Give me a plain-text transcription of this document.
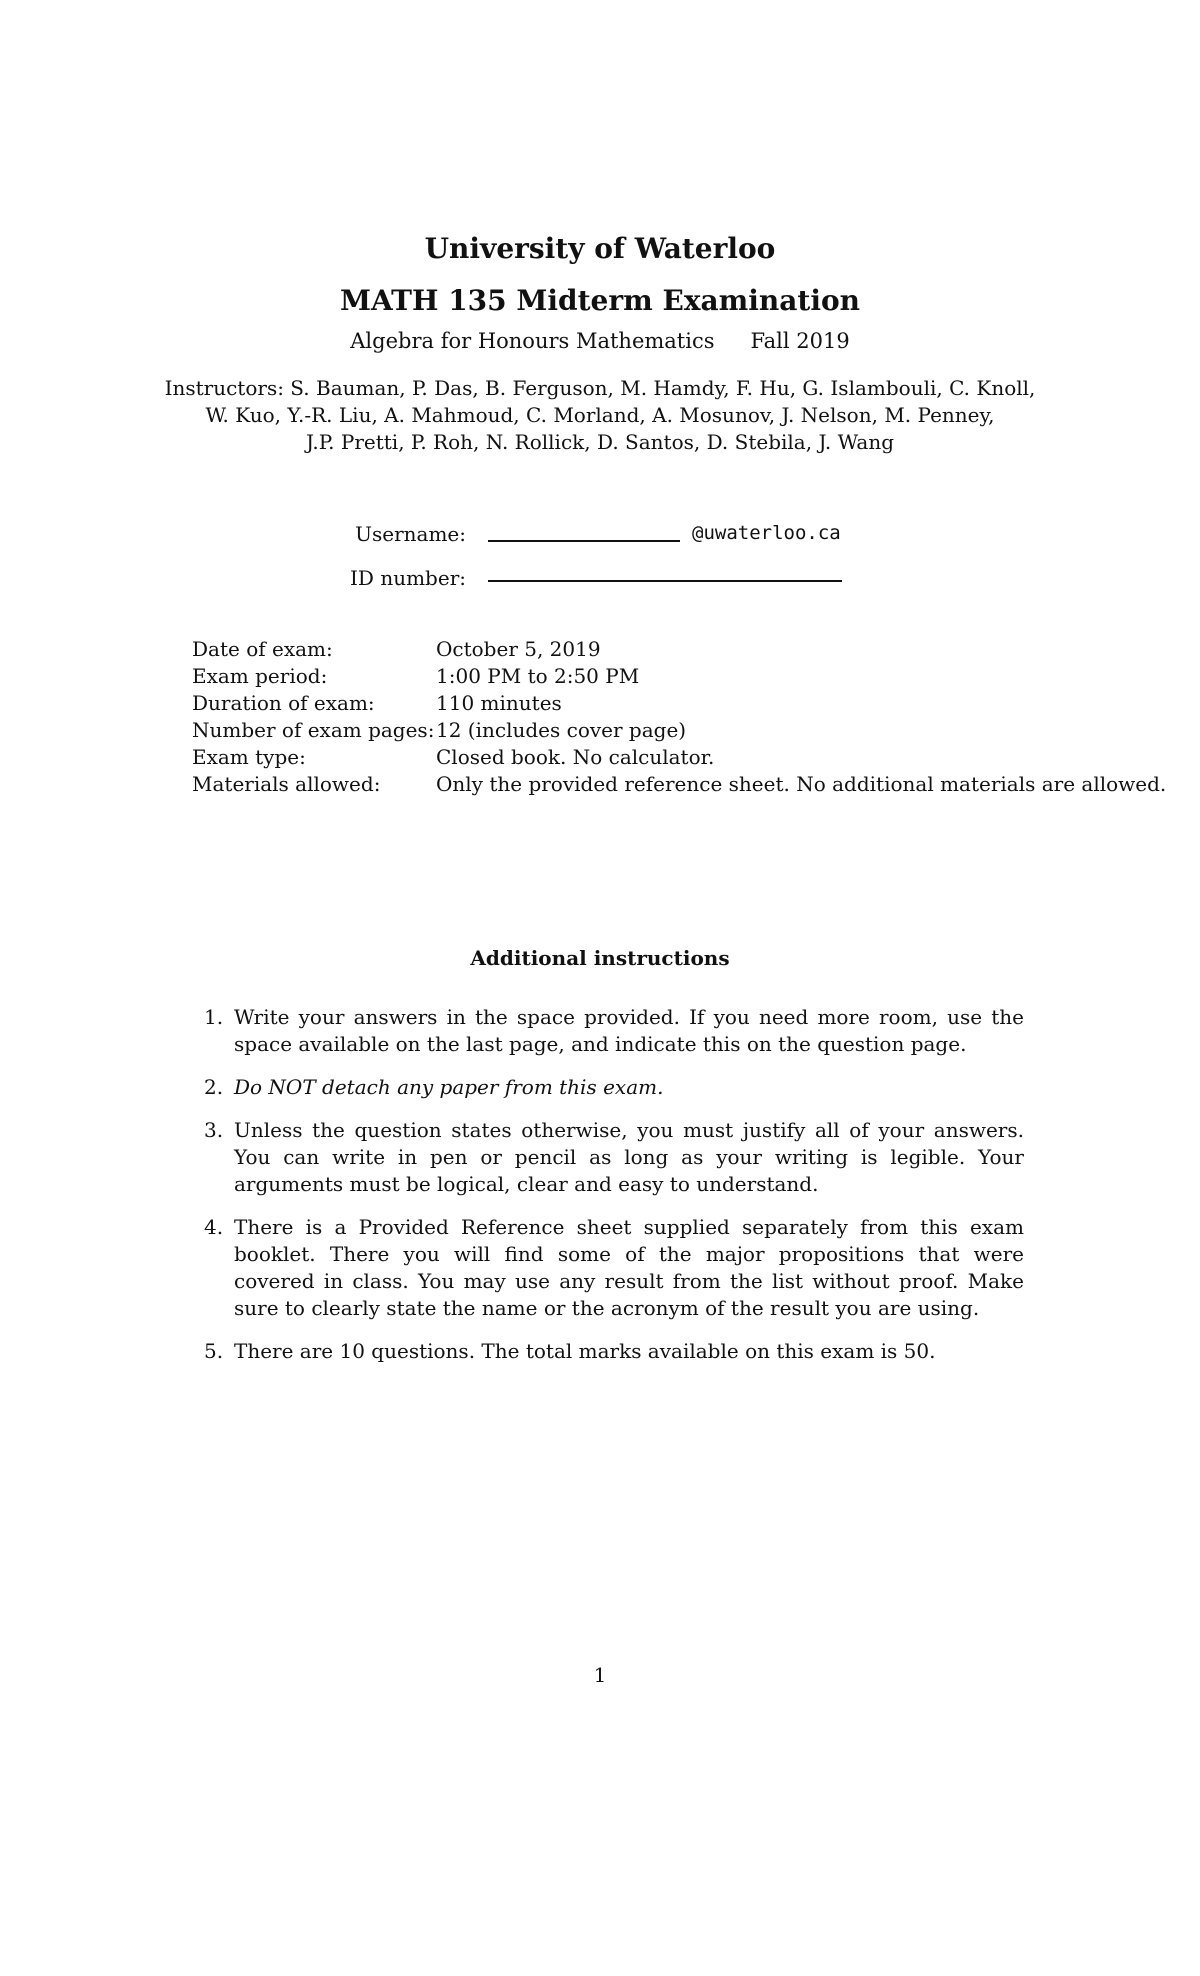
University of Waterloo
MATH 135 Midterm Examination
Algebra for Honours Mathematics Fall 2019
Instructors: S. Bauman, P. Das, B. Ferguson, M. Hamdy, F. Hu, G. Islambouli, C. Knoll,
W. Kuo, Y.-R. Liu, A. Mahmoud, C. Morland, A. Mosunov, J. Nelson, M. Penney,
J.P. Pretti, P. Roh, N. Rollick, D. Santos, D. Stebila, J. Wang
Username:	@uwaterloo.ca
ID number:
Date of exam:	October 5, 2019
Exam period:	1:00 PM to 2:50 PM
Duration of exam:	110 minutes
Number of exam pages: 12 (includes cover page)
Exam type:	Closed book. No calculator.
Materials allowed:	Only the provided reference sheet. No additional materials are allowed.
Additional instructions
1. Write your answers in the space provided. If you need more room, use the space available on the last page, and indicate this on the question page.
2. Do NOT detach any paper from this exam.
3. Unless the question states otherwise, you must justify all of your answers. You can write in pen or pencil as long as your writing is legible. Your arguments must be logical, clear and easy to understand.
4. There is a Provided Reference sheet supplied separately from this exam booklet. There you will find some of the major propositions that were covered in class. You may use any result from the list without proof. Make sure to clearly state the name or the acronym of the result you are using.
5. There are 10 questions. The total marks available on this exam is 50.
1
